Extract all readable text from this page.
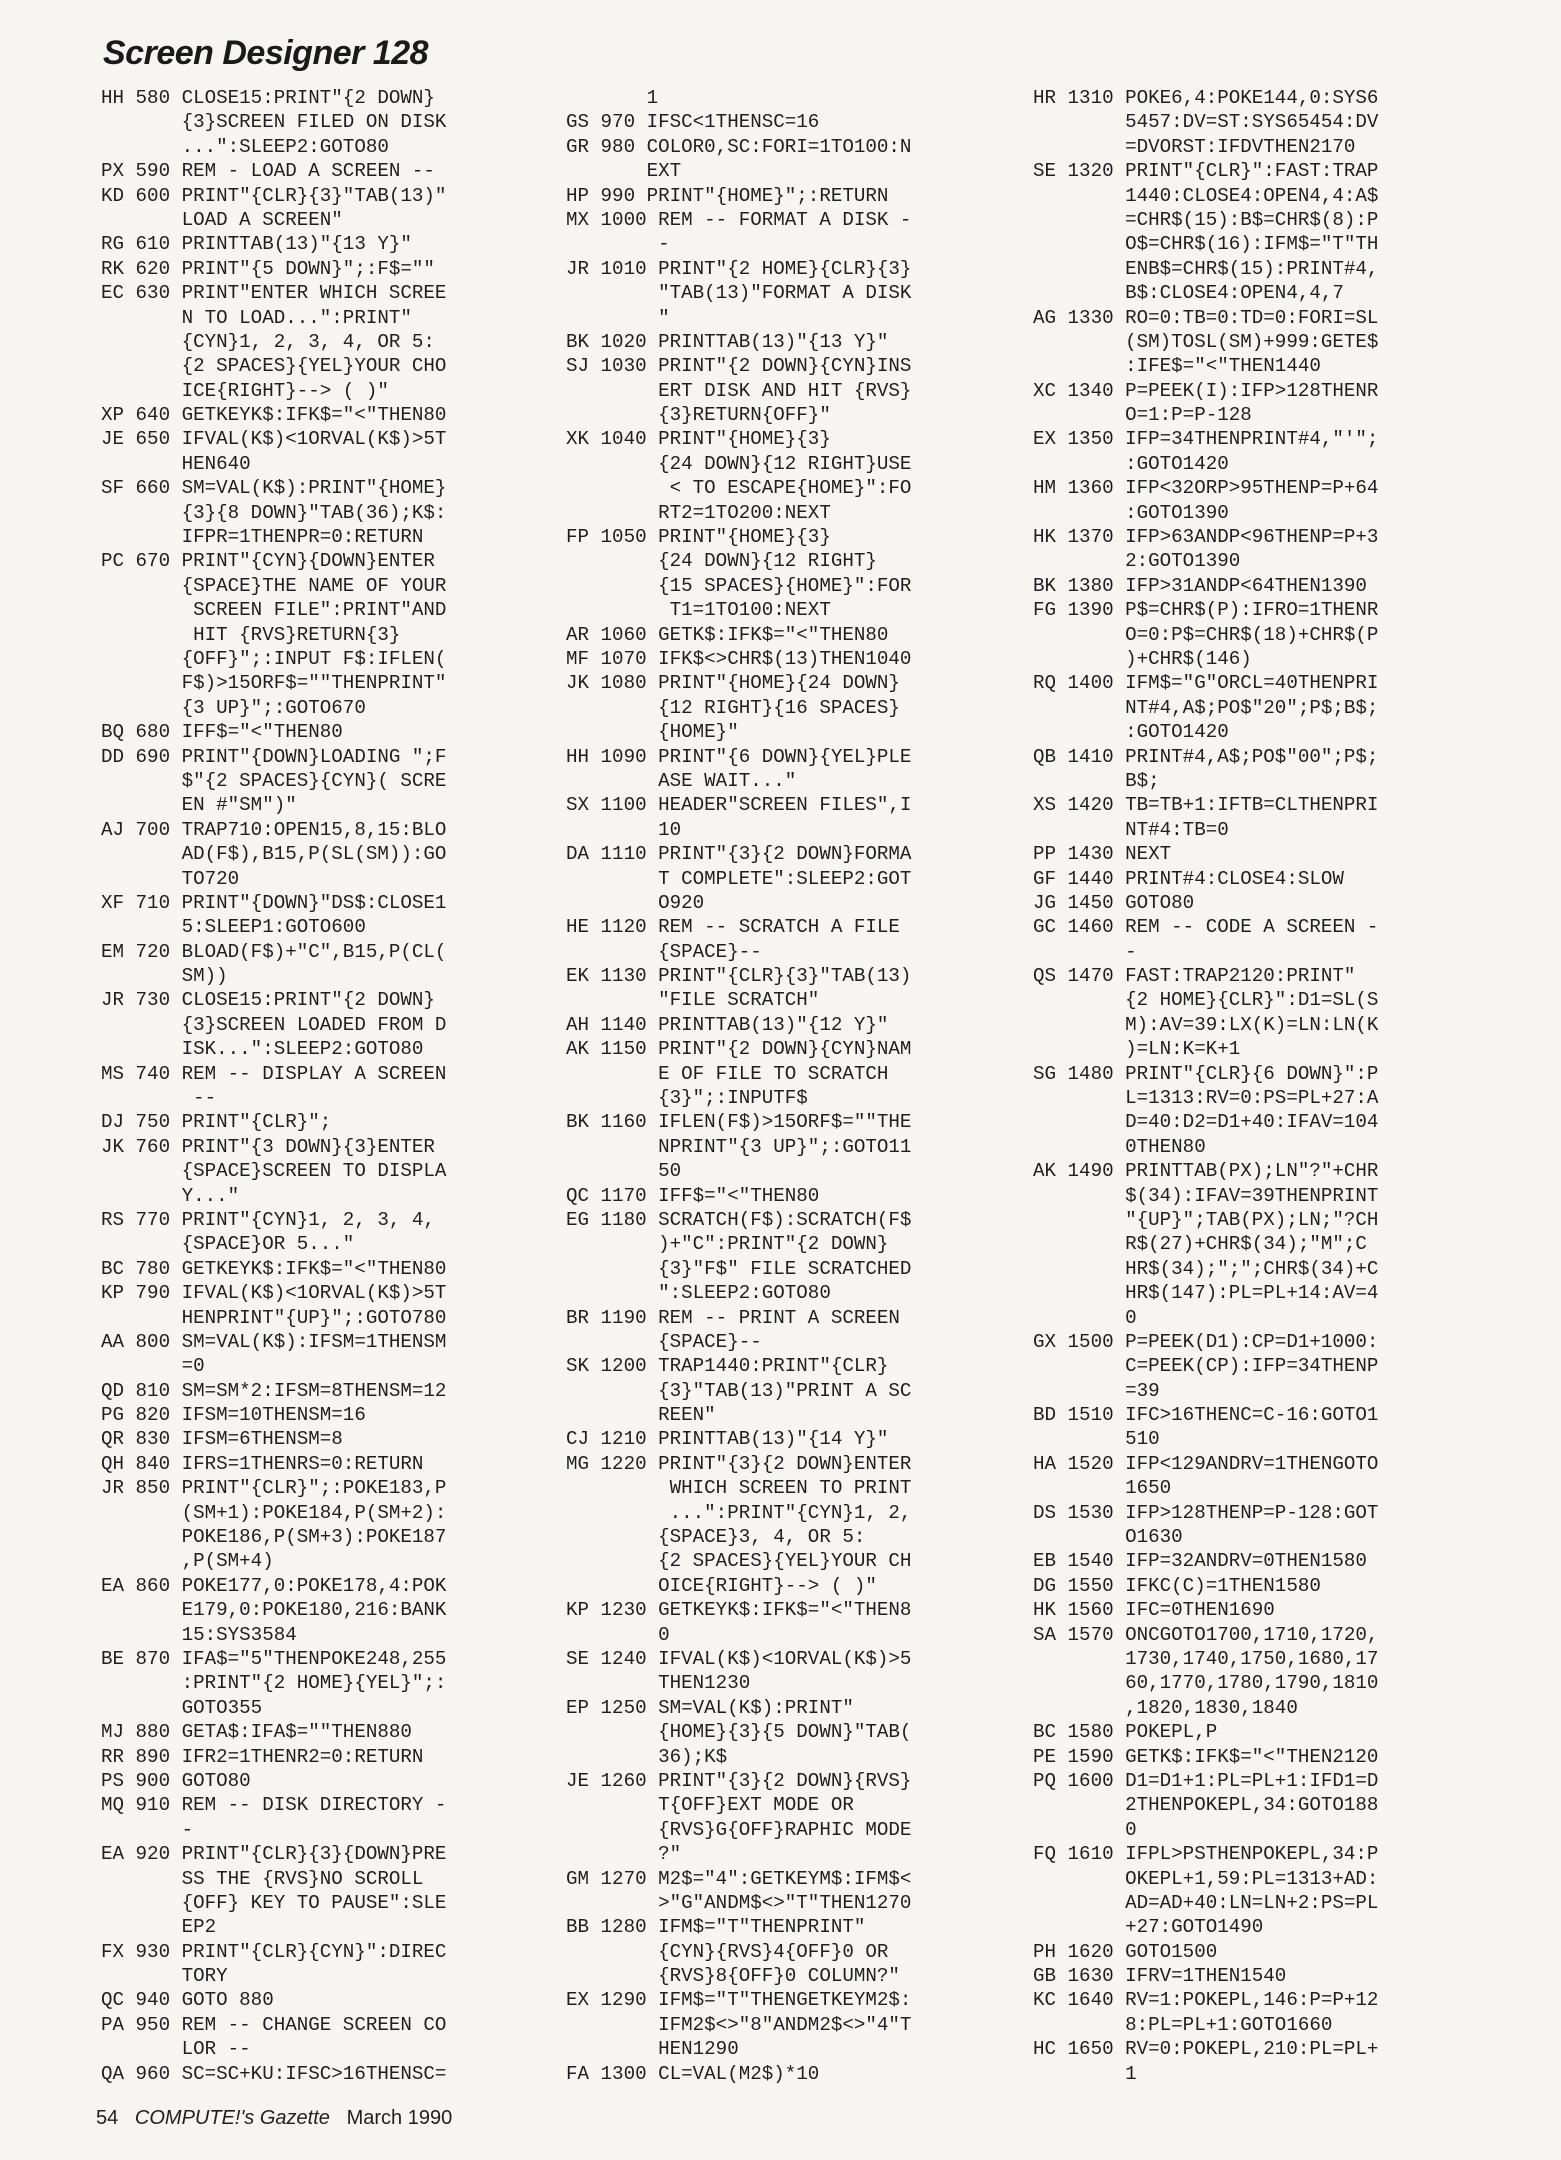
Screen Designer 128
HH 580 CLOSE15:PRINT"{2 DOWN}
{3}SCREEN FILED ON DISK
...":SLEEP2:GOTO80
PX 590 REM - LOAD A SCREEN --
KD 600 PRINT"{CLR}{3}"TAB(13)"
LOAD A SCREEN"
RG 610 PRINTTAB(13)"{13 Y}"
RK 620 PRINT"{5 DOWN}";:F$=""
EC 630 PRINT"ENTER WHICH SCREE
N TO LOAD...":PRINT"
{CYN}1, 2, 3, 4, OR 5:
{2 SPACES}{YEL}YOUR CHO
ICE{RIGHT}--> ( )"
XP 640 GETKEYK$:IFK$="<"THEN80
JE 650 IFVAL(K$)<1ORVAL(K$)>5T
HEN640
SF 660 SM=VAL(K$):PRINT"{HOME}
{3}{8 DOWN}"TAB(36);K$:
IFPR=1THENPR=0:RETURN
PC 670 PRINT"{CYN}{DOWN}ENTER
{SPACE}THE NAME OF YOUR
SCREEN FILE":PRINT"AND
HIT {RVS}RETURN{3}
{OFF}";:INPUT F$:IFLEN(
F$)>15ORF$=""THENPRINT"
{3 UP}";:GOTO670
BQ 680 IFF$="<"THEN80
DD 690 PRINT"{DOWN}LOADING ";F
$"{2 SPACES}{CYN}( SCRE
EN #"SM")"
AJ 700 TRAP710:OPEN15,8,15:BLO
AD(F$),B15,P(SL(SM)):GO
TO720
XF 710 PRINT"{DOWN}"DS$:CLOSE1
5:SLEEP1:GOTO600
EM 720 BLOAD(F$)+"C",B15,P(CL(
SM))
JR 730 CLOSE15:PRINT"{2 DOWN}
{3}SCREEN LOADED FROM D
ISK...":SLEEP2:GOTO80
MS 740 REM -- DISPLAY A SCREEN
--
DJ 750 PRINT"{CLR}";
JK 760 PRINT"{3 DOWN}{3}ENTER
{SPACE}SCREEN TO DISPLA
Y..."
RS 770 PRINT"{CYN}1, 2, 3, 4,
{SPACE}OR 5..."
BC 780 GETKEYK$:IFK$="<"THEN80
KP 790 IFVAL(K$)<1ORVAL(K$)>5T
HENPRINT"{UP}";:GOTO780
AA 800 SM=VAL(K$):IFSM=1THENSM
=0
QD 810 SM=SM*2:IFSM=8THENSM=12
PG 820 IFSM=10THENSM=16
QR 830 IFSM=6THENSM=8
QH 840 IFRS=1THENRS=0:RETURN
JR 850 PRINT"{CLR}";:POKE183,P
(SM+1):POKE184,P(SM+2):
POKE186,P(SM+3):POKE187
,P(SM+4)
EA 860 POKE177,0:POKE178,4:POK
E179,0:POKE180,216:BANK
15:SYS3584
BE 870 IFA$="5"THENPOKE248,255
:PRINT"{2 HOME}{YEL}";:
GOTO355
MJ 880 GETA$:IFA$=""THEN880
RR 890 IFR2=1THENR2=0:RETURN
PS 900 GOTO80
MQ 910 REM -- DISK DIRECTORY -
-
EA 920 PRINT"{CLR}{3}{DOWN}PRE
SS THE {RVS}NO SCROLL
{OFF} KEY TO PAUSE":SLE
EP2
FX 930 PRINT"{CLR}{CYN}":DIREC
TORY
QC 940 GOTO 880
PA 950 REM -- CHANGE SCREEN CO
LOR --
QA 960 SC=SC+KU:IFSC>16THENSC=
1
GS 970 IFSC<1THENSC=16
GR 980 COLOR0,SC:FORI=1TO100:N
EXT
HP 990 PRINT"{HOME}";:RETURN
MX 1000 REM -- FORMAT A DISK -
-
JR 1010 PRINT"{2 HOME}{CLR}{3}
"TAB(13)"FORMAT A DISK
"
BK 1020 PRINTTAB(13)"{13 Y}"
SJ 1030 PRINT"{2 DOWN}{CYN}INS
ERT DISK AND HIT {RVS}
{3}RETURN{OFF}"
XK 1040 PRINT"{HOME}{3}
{24 DOWN}{12 RIGHT}USE
< TO ESCAPE{HOME}":FO
RT2=1TO200:NEXT
FP 1050 PRINT"{HOME}{3}
{24 DOWN}{12 RIGHT}
{15 SPACES}{HOME}":FOR
T1=1TO100:NEXT
AR 1060 GETK$:IFK$="<"THEN80
MF 1070 IFK$<>CHR$(13)THEN1040
JK 1080 PRINT"{HOME}{24 DOWN}
{12 RIGHT}{16 SPACES}
{HOME}"
HH 1090 PRINT"{6 DOWN}{YEL}PLE
ASE WAIT..."
SX 1100 HEADER"SCREEN FILES",I
10
DA 1110 PRINT"{3}{2 DOWN}FORMA
T COMPLETE":SLEEP2:GOT
O920
HE 1120 REM -- SCRATCH A FILE
{SPACE}--
EK 1130 PRINT"{CLR}{3}"TAB(13)
"FILE SCRATCH"
AH 1140 PRINTTAB(13)"{12 Y}"
AK 1150 PRINT"{2 DOWN}{CYN}NAM
E OF FILE TO SCRATCH
{3}";:INPUTF$
BK 1160 IFLEN(F$)>15ORF$=""THE
NPRINT"{3 UP}";:GOTO11
50
QC 1170 IFF$="<"THEN80
EG 1180 SCRATCH(F$):SCRATCH(F$
)+"C":PRINT"{2 DOWN}
{3}"F$" FILE SCRATCHED
":SLEEP2:GOTO80
BR 1190 REM -- PRINT A SCREEN
{SPACE}--
SK 1200 TRAP1440:PRINT"{CLR}
{3}"TAB(13)"PRINT A SC
REEN"
CJ 1210 PRINTTAB(13)"{14 Y}"
MG 1220 PRINT"{3}{2 DOWN}ENTER
WHICH SCREEN TO PRINT
...":PRINT"{CYN}1, 2,
{SPACE}3, 4, OR 5:
{2 SPACES}{YEL}YOUR CH
OICE{RIGHT}--> ( )"
KP 1230 GETKEYK$:IFK$="<"THEN8
0
SE 1240 IFVAL(K$)<1ORVAL(K$)>5
THEN1230
EP 1250 SM=VAL(K$):PRINT"
{HOME}{3}{5 DOWN}"TAB(
36);K$
JE 1260 PRINT"{3}{2 DOWN}{RVS}
T{OFF}EXT MODE OR
{RVS}G{OFF}RAPHIC MODE
?"
GM 1270 M2$="4":GETKEYM$:IFM$<
>"G"ANDM$<>"T"THEN1270
BB 1280 IFM$="T"THENPRINT"
{CYN}{RVS}4{OFF}0 OR
{RVS}8{OFF}0 COLUMN?"
EX 1290 IFM$="T"THENGETKEYM2$:
IFM2$<>"8"ANDM2$<>"4"T
HEN1290
FA 1300 CL=VAL(M2$)*10
HR 1310 POKE6,4:POKE144,0:SYS6
5457:DV=ST:SYS65454:DV
=DVORST:IFDVTHEN2170
SE 1320 PRINT"{CLR}":FAST:TRAP
1440:CLOSE4:OPEN4,4:A$
=CHR$(15):B$=CHR$(8):P
O$=CHR$(16):IFM$="T"TH
ENB$=CHR$(15):PRINT#4,
B$:CLOSE4:OPEN4,4,7
AG 1330 RO=0:TB=0:TD=0:FORI=SL
(SM)TOSL(SM)+999:GETE$
:IFE$="<"THEN1440
XC 1340 P=PEEK(I):IFP>128THENR
O=1:P=P-128
EX 1350 IFP=34THENPRINT#4,"'";
:GOTO1420
HM 1360 IFP<32ORP>95THENP=P+64
:GOTO1390
HK 1370 IFP>63ANDP<96THENP=P+3
2:GOTO1390
BK 1380 IFP>31ANDP<64THEN1390
FG 1390 P$=CHR$(P):IFRO=1THENR
O=0:P$=CHR$(18)+CHR$(P
)+CHR$(146)
RQ 1400 IFM$="G"ORCL=40THENPRI
NT#4,A$;PO$"20";P$;B$;
:GOTO1420
QB 1410 PRINT#4,A$;PO$"00";P$;
B$;
XS 1420 TB=TB+1:IFTB=CLTHENPRI
NT#4:TB=0
PP 1430 NEXT
GF 1440 PRINT#4:CLOSE4:SLOW
JG 1450 GOTO80
GC 1460 REM -- CODE A SCREEN -
-
QS 1470 FAST:TRAP2120:PRINT"
{2 HOME}{CLR}":D1=SL(S
M):AV=39:LX(K)=LN:LN(K
)=LN:K=K+1
SG 1480 PRINT"{CLR}{6 DOWN}":P
L=1313:RV=0:PS=PL+27:A
D=40:D2=D1+40:IFAV=104
0THEN80
AK 1490 PRINTTAB(PX);LN"?"+CHR
$(34):IFAV=39THENPRINT
"{UP}";TAB(PX);LN;"?CH
R$(27)+CHR$(34);"M";C
HR$(34);";";CHR$(34)+C
HR$(147):PL=PL+14:AV=4
0
GX 1500 P=PEEK(D1):CP=D1+1000:
C=PEEK(CP):IFP=34THENP
=39
BD 1510 IFC>16THENC=C-16:GOTO1
510
HA 1520 IFP<129ANDRV=1THENGOTO
1650
DS 1530 IFP>128THENP=P-128:GOT
O1630
EB 1540 IFP=32ANDRV=0THEN1580
DG 1550 IFKC(C)=1THEN1580
HK 1560 IFC=0THEN1690
SA 1570 ONCGOTO1700,1710,1720,
1730,1740,1750,1680,17
60,1770,1780,1790,1810
,1820,1830,1840
BC 1580 POKEPL,P
PE 1590 GETK$:IFK$="<"THEN2120
PQ 1600 D1=D1+1:PL=PL+1:IFD1=D
2THENPOKEPL,34:GOTO188
0
FQ 1610 IFPL>PSTHENPOKEPL,34:P
OKEPL+1,59:PL=1313+AD:
AD=AD+40:LN=LN+2:PS=PL
+27:GOTO1490
PH 1620 GOTO1500
GB 1630 IFRV=1THEN1540
KC 1640 RV=1:POKEPL,146:P=P+12
8:PL=PL+1:GOTO1660
HC 1650 RV=0:POKEPL,210:PL=PL+
1
54 COMPUTE!'s Gazette March 1990
